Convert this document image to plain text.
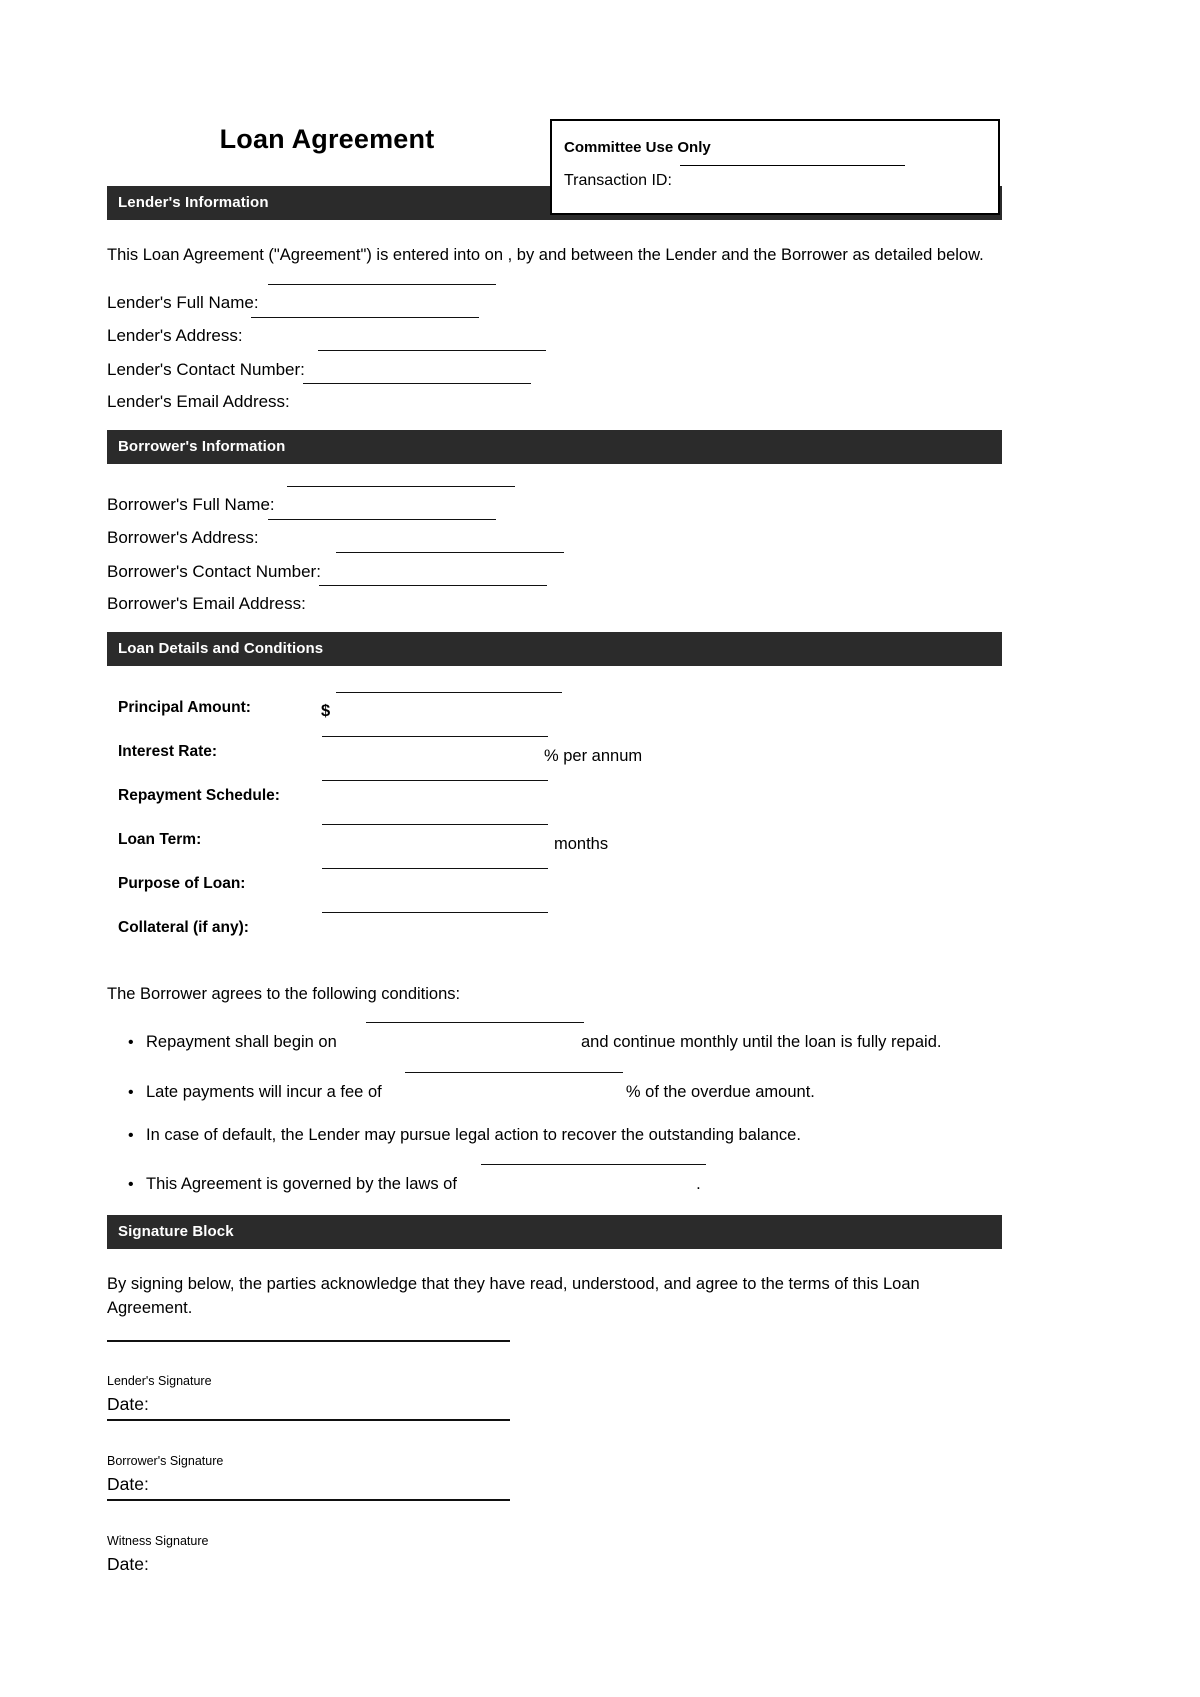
Loan Agreement
Lender's Information
Committee Use Only
Transaction ID:
This Loan Agreement ("Agreement") is entered into on , by and between the Lender and the Borrower as detailed below.
Lender's Full Name:
Lender's Address:
Lender's Contact Number:
Lender's Email Address:
Borrower's Information
Borrower's Full Name:
Borrower's Address:
Borrower's Contact Number:
Borrower's Email Address:
Loan Details and Conditions
Principal Amount:	$
Interest Rate:	% per annum
Repayment Schedule:
Loan Term:	months
Purpose of Loan:
Collateral (if any):
The Borrower agrees to the following conditions:
• Repayment shall begin on	and continue monthly until the loan is fully repaid.
• Late payments will incur a fee of	% of the overdue amount.
• In case of default, the Lender may pursue legal action to recover the outstanding balance.
• This Agreement is governed by the laws of	.
Signature Block
By signing below, the parties acknowledge that they have read, understood, and agree to the terms of this Loan Agreement.
Lender's Signature
Date:
Borrower's Signature
Date:
Witness Signature
Date:
